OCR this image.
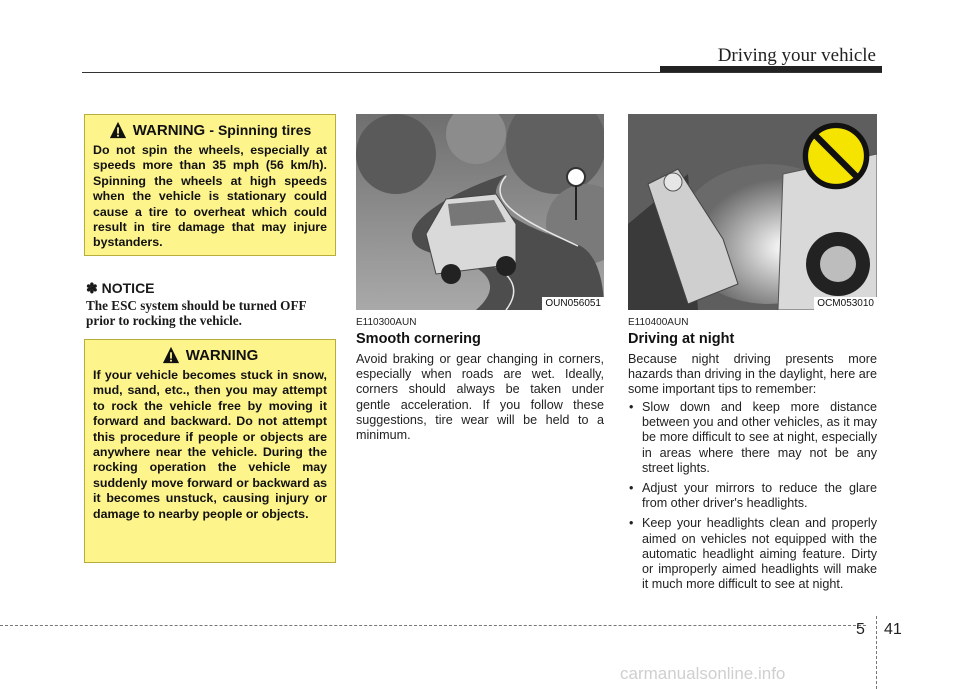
Driving your vehicle
WARNING - Spinning tires
Do not spin the wheels, especially at speeds more than 35 mph (56 km/h). Spinning the wheels at high speeds when the vehicle is stationary could cause a tire to overheat which could result in tire damage that may injure bystanders.
✽ NOTICE
The ESC system should be turned OFF prior to rocking the vehicle.
WARNING
If your vehicle becomes stuck in snow, mud, sand, etc., then you may attempt to rock the vehicle free by moving it forward and backward. Do not attempt this procedure if people or objects are anywhere near the vehicle. During the rocking operation the vehicle may suddenly move forward or backward as it becomes unstuck, causing injury or damage to nearby people or objects.
OUN056051	OCM053010
E110300AUN
Smooth cornering
Avoid braking or gear changing in corners, especially when roads are wet. Ideally, corners should always be taken under gentle acceleration. If you follow these suggestions, tire wear will be held to a minimum.
E110400AUN
Driving at night
Because night driving presents more hazards than driving in the daylight, here are some important tips to remember:
• Slow down and keep more distance between you and other vehicles, as it may be more difficult to see at night, especially in areas where there may not be any street lights.
• Adjust your mirrors to reduce the glare from other driver's headlights.
• Keep your headlights clean and properly aimed on vehicles not equipped with the automatic headlight aiming feature. Dirty or improperly aimed headlights will make it much more difficult to see at night.
5 41
carmanualsonline.info
